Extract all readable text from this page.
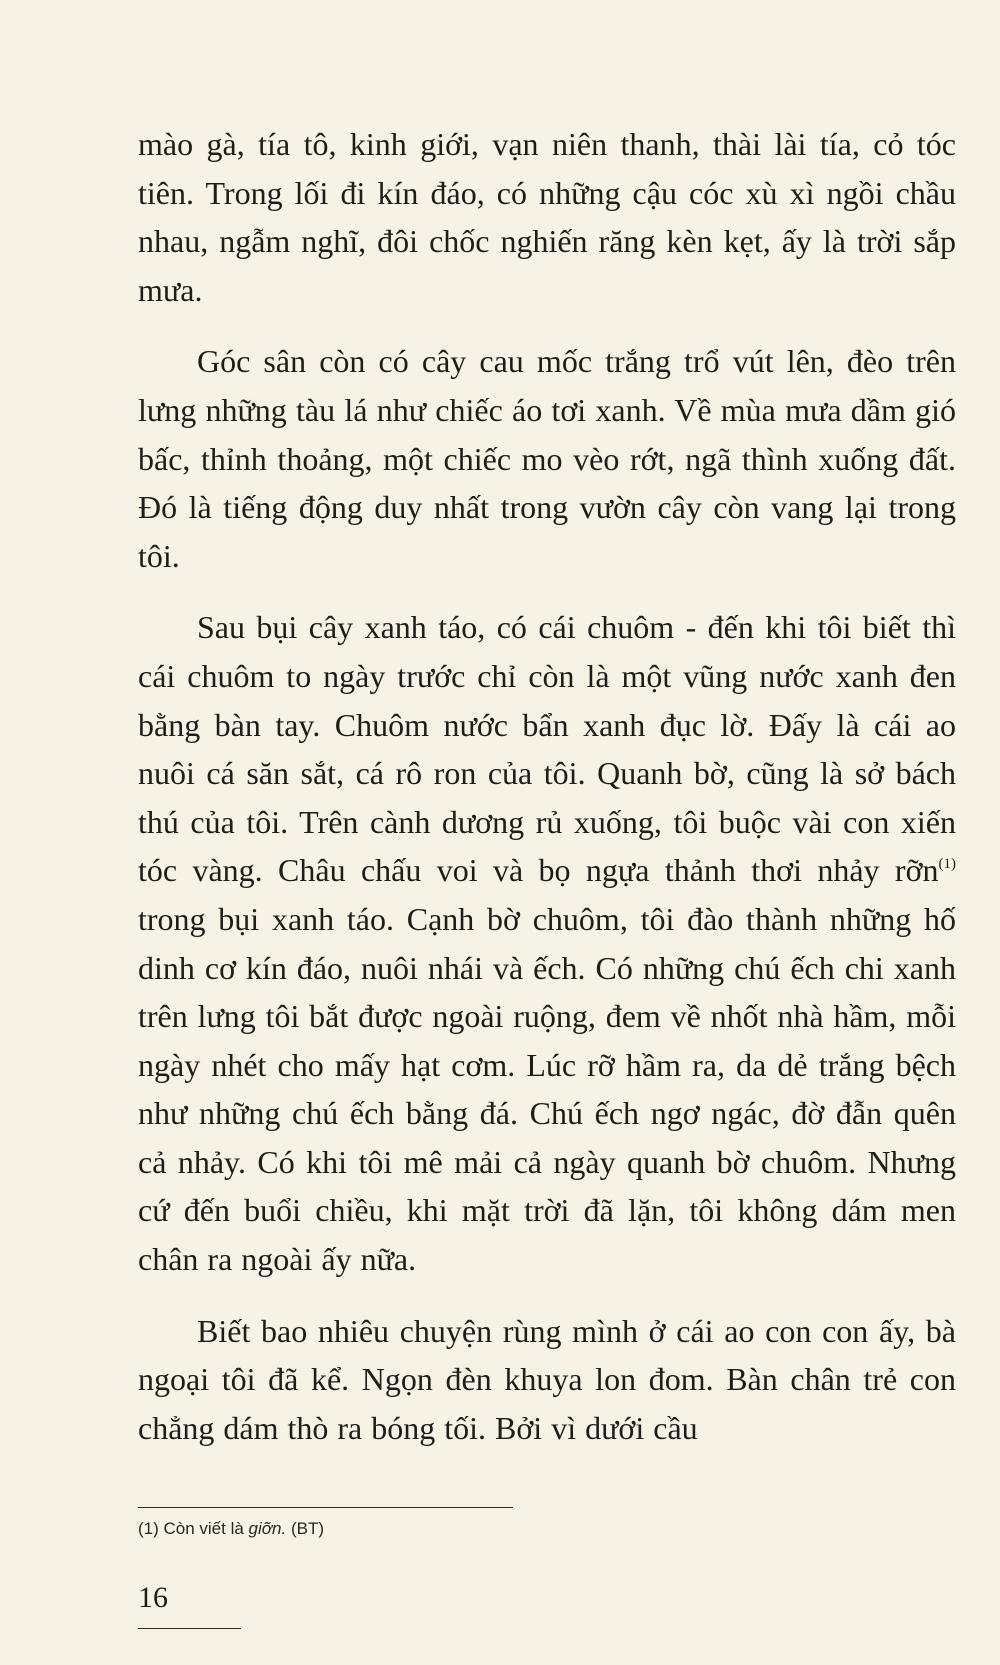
mào gà, tía tô, kinh giới, vạn niên thanh, thài lài tía, cỏ tóc tiên. Trong lối đi kín đáo, có những cậu cóc xù xì ngồi chầu nhau, ngẫm nghĩ, đôi chốc nghiến răng kèn kẹt, ấy là trời sắp mưa.

Góc sân còn có cây cau mốc trắng trổ vút lên, đèo trên lưng những tàu lá như chiếc áo tơi xanh. Về mùa mưa dầm gió bấc, thỉnh thoảng, một chiếc mo vèo rớt, ngã thình xuống đất. Đó là tiếng động duy nhất trong vườn cây còn vang lại trong tôi.

Sau bụi cây xanh táo, có cái chuôm - đến khi tôi biết thì cái chuôm to ngày trước chỉ còn là một vũng nước xanh đen bằng bàn tay. Chuôm nước bẩn xanh đục lờ. Đấy là cái ao nuôi cá săn sắt, cá rô ron của tôi. Quanh bờ, cũng là sở bách thú của tôi. Trên cành dương rủ xuống, tôi buộc vài con xiến tóc vàng. Châu chấu voi và bọ ngựa thảnh thơi nhảy rỡn$^{(1)}$ trong bụi xanh táo. Cạnh bờ chuôm, tôi đào thành những hố dinh cơ kín đáo, nuôi nhái và ếch. Có những chú ếch chi xanh trên lưng tôi bắt được ngoài ruộng, đem về nhốt nhà hầm, mỗi ngày nhét cho mấy hạt cơm. Lúc rỡ hầm ra, da dẻ trắng bệch như những chú ếch bằng đá. Chú ếch ngơ ngác, đờ đẫn quên cả nhảy. Có khi tôi mê mải cả ngày quanh bờ chuôm. Nhưng cứ đến buổi chiều, khi mặt trời đã lặn, tôi không dám men chân ra ngoài ấy nữa.

Biết bao nhiêu chuyện rùng mình ở cái ao con con ấy, bà ngoại tôi đã kể. Ngọn đèn khuya lon đom. Bàn chân trẻ con chẳng dám thò ra bóng tối. Bởi vì dưới cầu

(1) Còn viết là giỡn. (BT)
16
